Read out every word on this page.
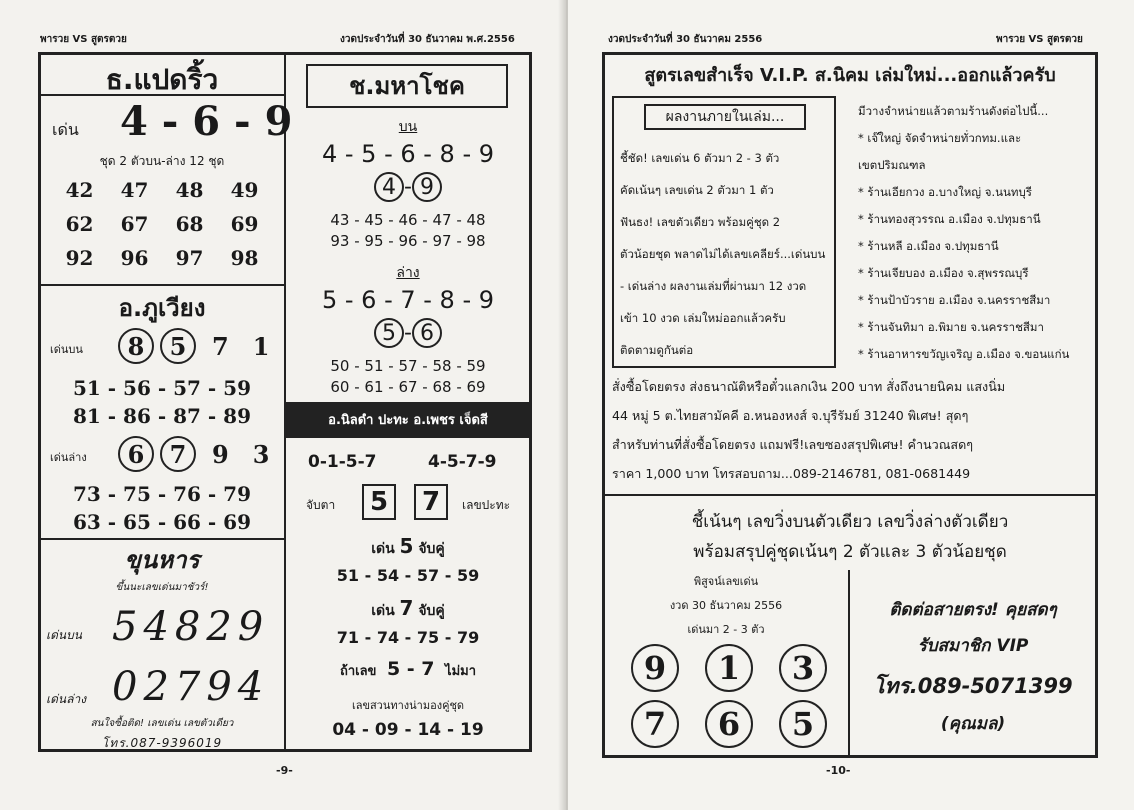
พารวย VS สูตรตวย	งวดประจำวันที่ 30 ธันวาคม พ.ศ.2556
ธ.แปดริ้ว
เด่น 4 - 6 - 9
ชุด 2 ตัวบน-ล่าง 12 ชุด
42	47	48	49
62	67	68	69
92	96	97	98
อ.ภูเวียง
เด่นบน	8	5	7 1
51 - 56 - 57 - 59
81 - 86 - 87 - 89
เด่นล่าง	6	7	9 3
73 - 75 - 76 - 79
63 - 65 - 66 - 69
ขุนหาร
ขึ้นนะเลขเด่นมาชัวร์!
เด่นบน 54829
เด่นล่าง 02794
สนใจซื้อติด! เลขเด่น เลขตัวเดียว
โทร.087-9396019
ช.มหาโชค
บน
4 - 5 - 6 - 8 - 9
4 - 9
43 - 45 - 46 - 47 - 48
93 - 95 - 96 - 97 - 98
ล่าง
5 - 6 - 7 - 8 - 9
5 - 6
50 - 51 - 57 - 58 - 59
60 - 61 - 67 - 68 - 69
อ.นิลดำ ปะทะ อ.เพชร เจ็ดสี
0-1-5-7	4-5-7-9
จับตา	5	7	เลขปะทะ
เด่น 5 จับคู่
51 - 54 - 57 - 59
เด่น 7 จับคู่
71 - 74 - 75 - 79
ถ้าเลข 5 - 7 ไม่มา
เลขสวนทางน่ามองคู่ชุด
04 - 09 - 14 - 19
-9-
งวดประจำวันที่ 30 ธันวาคม 2556	พารวย VS สูตรตวย
สูตรเลขสำเร็จ V.I.P. ส.นิคม เล่มใหม่...ออกแล้วครับ
ผลงานภายในเล่ม...
ชี้ชัด! เลขเด่น 6 ตัวมา 2 - 3 ตัว
คัดเน้นๆ เลขเด่น 2 ตัวมา 1 ตัว
ฟันธง! เลขตัวเดียว พร้อมคู่ชุด 2
ตัวน้อยชุด พลาดไม่ได้เลขเคลียร์...เด่นบน
- เด่นล่าง ผลงานเล่มที่ผ่านมา 12 งวด
เข้า 10 งวด เล่มใหม่ออกแล้วครับ
ติดตามดูกันต่อ
มีวางจำหน่ายแล้วตามร้านดังต่อไปนี้...
* เจ๊ใหญ่ จัดจำหน่ายทั่วกทม.และ
เขตปริมณฑล
* ร้านเอียกวง อ.บางใหญ่ จ.นนทบุรี
* ร้านทองสุวรรณ อ.เมือง จ.ปทุมธานี
* ร้านหลี อ.เมือง จ.ปทุมธานี
* ร้านเจียบอง อ.เมือง จ.สุพรรณบุรี
* ร้านป้าบัวราย อ.เมือง จ.นครราชสีมา
* ร้านจันทิมา อ.พิมาย จ.นครราชสีมา
* ร้านอาหารขวัญเจริญ อ.เมือง จ.ขอนแก่น
สั่งซื้อโดยตรง ส่งธนาณัติหรือตั๋วแลกเงิน 200 บาท สั่งถึงนายนิคม แสงนิ่ม
44 หมู่ 5 ต.ไทยสามัคคี อ.หนองหงส์ จ.บุรีรัมย์ 31240 พิเศษ! สุดๆ
สำหรับท่านที่สั่งซื้อโดยตรง แถมฟรี!เลขซองสรุปพิเศษ! คำนวณสดๆ
ราคา 1,000 บาท โทรสอบถาม...089-2146781, 081-0681449
ชี้เน้นๆ เลขวิ่งบนตัวเดียว เลขวิ่งล่างตัวเดียว
พร้อมสรุปคู่ชุดเน้นๆ 2 ตัวและ 3 ตัวน้อยชุด
พิสูจน์เลขเด่น
งวด 30 ธันวาคม 2556
เด่นมา 2 - 3 ตัว
9	1	3
7	6	5
ติดต่อสายตรง! คุยสดๆ
รับสมาชิก VIP
โทร.089-5071399
(คุณมล)
-10-
